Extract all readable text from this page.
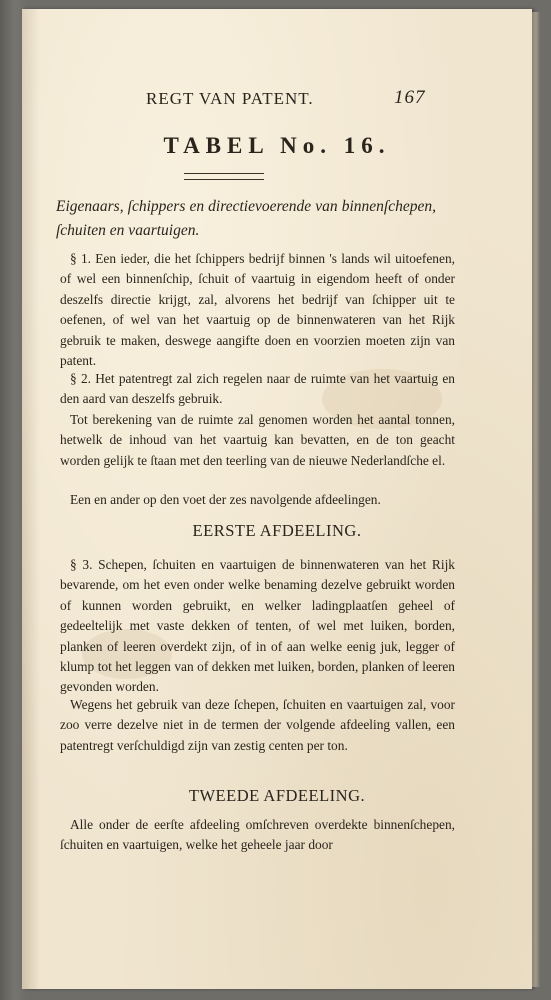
REGT VAN PATENT.	167
TABEL No. 16.
Eigenaars, ſchippers en directievoerende van binnenſchepen, ſchuiten en vaartuigen.

§ 1. Een ieder, die het ſchippers bedrijf binnen 's lands wil uitoefenen, of wel een binnenſchip, ſchuit of vaartuig in eigendom heeft of onder deszelfs directie krijgt, zal, alvorens het bedrijf van ſchipper uit te oefenen, of wel van het vaartuig op de binnenwateren van het Rijk gebruik te maken, deswege aangifte doen en voorzien moeten zijn van patent.

§ 2. Het patentregt zal zich regelen naar de ruimte van het vaartuig en den aard van deszelfs gebruik.

Tot berekening van de ruimte zal genomen worden het aantal tonnen, hetwelk de inhoud van het vaartuig kan bevatten, en de ton geacht worden gelijk te ſtaan met den teerling van de nieuwe Nederlandſche el.

Een en ander op den voet der zes navolgende afdeelingen.

EERSTE AFDEELING.

§ 3. Schepen, ſchuiten en vaartuigen de binnenwateren van het Rijk bevarende, om het even onder welke benaming dezelve gebruikt worden of kunnen worden gebruikt, en welker ladingplaatſen geheel of gedeeltelijk met vaste dekken of tenten, of wel met luiken, borden, planken of leeren overdekt zijn, of in of aan welke eenig juk, legger of klump tot het leggen van of dekken met luiken, borden, planken of leeren gevonden worden.

Wegens het gebruik van deze ſchepen, ſchuiten en vaartuigen zal, voor zoo verre dezelve niet in de termen der volgende afdeeling vallen, een patentregt verſchuldigd zijn van zestig centen per ton.

TWEEDE AFDEELING.

Alle onder de eerſte afdeeling omſchreven overdekte binnenſchepen, ſchuiten en vaartuigen, welke het geheele jaar door
